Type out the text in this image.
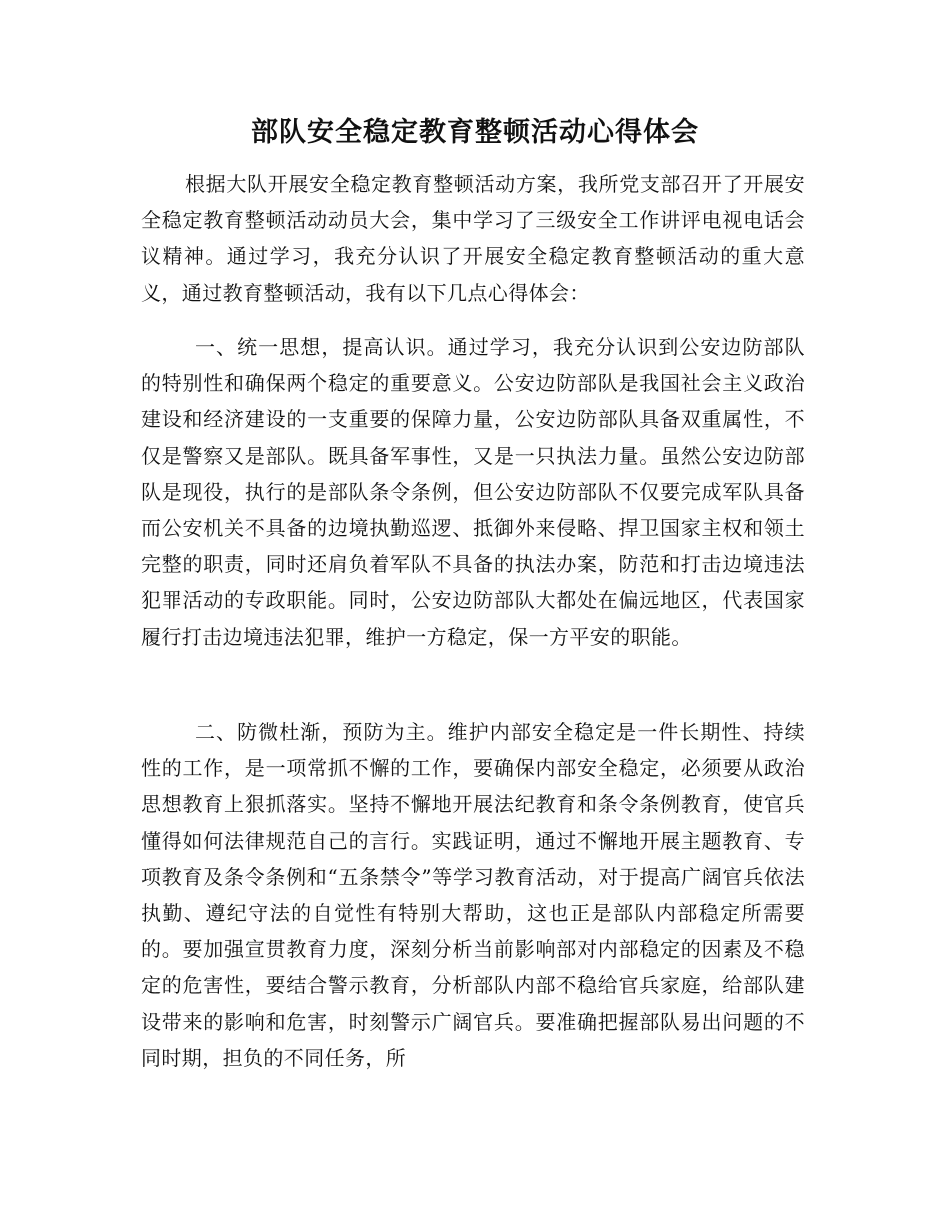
部队安全稳定教育整顿活动心得体会

根据大队开展安全稳定教育整顿活动方案，我所党支部召开了开展安全稳定教育整顿活动动员大会，集中学习了三级安全工作讲评电视电话会议精神。通过学习，我充分认识了开展安全稳定教育整顿活动的重大意义，通过教育整顿活动，我有以下几点心得体会：

一、统一思想，提高认识。通过学习，我充分认识到公安边防部队的特别性和确保两个稳定的重要意义。公安边防部队是我国社会主义政治建设和经济建设的一支重要的保障力量，公安边防部队具备双重属性，不仅是警察又是部队。既具备军事性，又是一只执法力量。虽然公安边防部队是现役，执行的是部队条令条例，但公安边防部队不仅要完成军队具备而公安机关不具备的边境执勤巡逻、抵御外来侵略、捍卫国家主权和领土完整的职责，同时还肩负着军队不具备的执法办案，防范和打击边境违法犯罪活动的专政职能。同时，公安边防部队大都处在偏远地区，代表国家履行打击边境违法犯罪，维护一方稳定，保一方平安的职能。

二、防微杜渐，预防为主。维护内部安全稳定是一件长期性、持续性的工作，是一项常抓不懈的工作，要确保内部安全稳定，必须要从政治思想教育上狠抓落实。坚持不懈地开展法纪教育和条令条例教育，使官兵懂得如何法律规范自己的言行。实践证明，通过不懈地开展主题教育、专项教育及条令条例和“五条禁令”等学习教育活动，对于提高广阔官兵依法执勤、遵纪守法的自觉性有特别大帮助，这也正是部队内部稳定所需要的。要加强宣贯教育力度，深刻分析当前影响部对内部稳定的因素及不稳定的危害性，要结合警示教育，分析部队内部不稳给官兵家庭，给部队建设带来的影响和危害，时刻警示广阔官兵。要准确把握部队易出问题的不同时期，担负的不同任务，所
